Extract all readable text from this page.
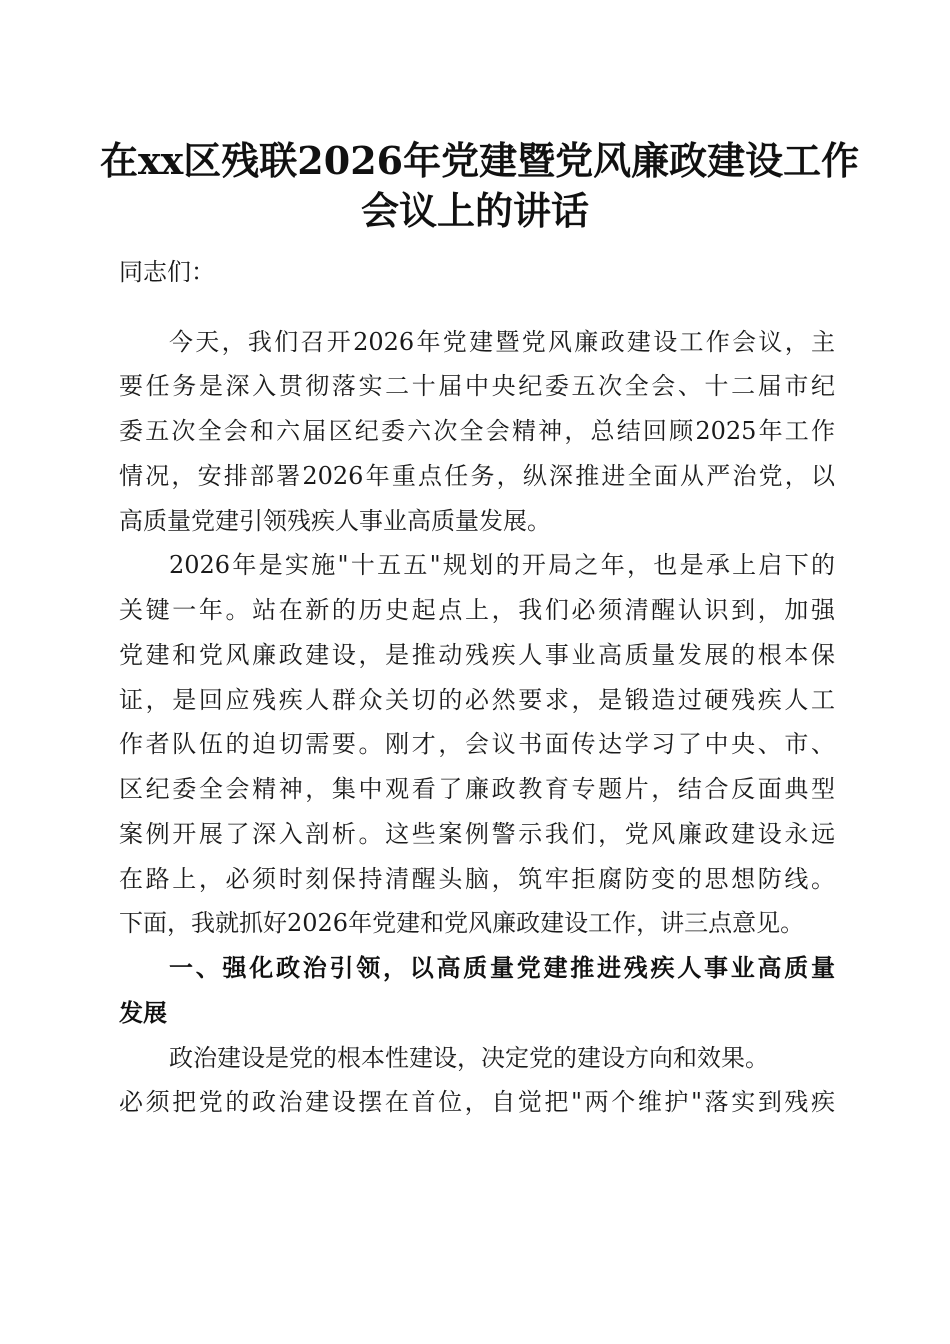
在xx区残联2026年党建暨党风廉政建设工作
会议上的讲话
同志们：
今天，我们召开2026年党建暨党风廉政建设工作会议，主
要任务是深入贯彻落实二十届中央纪委五次全会、十二届市纪
委五次全会和六届区纪委六次全会精神，总结回顾2025年工作
情况，安排部署2026年重点任务，纵深推进全面从严治党，以
高质量党建引领残疾人事业高质量发展。
2026年是实施"十五五"规划的开局之年，也是承上启下的
关键一年。站在新的历史起点上，我们必须清醒认识到，加强
党建和党风廉政建设，是推动残疾人事业高质量发展的根本保
证，是回应残疾人群众关切的必然要求，是锻造过硬残疾人工
作者队伍的迫切需要。刚才，会议书面传达学习了中央、市、
区纪委全会精神，集中观看了廉政教育专题片，结合反面典型
案例开展了深入剖析。这些案例警示我们，党风廉政建设永远
在路上，必须时刻保持清醒头脑，筑牢拒腐防变的思想防线。
下面，我就抓好2026年党建和党风廉政建设工作，讲三点意见。
一、强化政治引领，以高质量党建推进残疾人事业高质量
发展
政治建设是党的根本性建设，决定党的建设方向和效果。
必须把党的政治建设摆在首位，自觉把"两个维护"落实到残疾
